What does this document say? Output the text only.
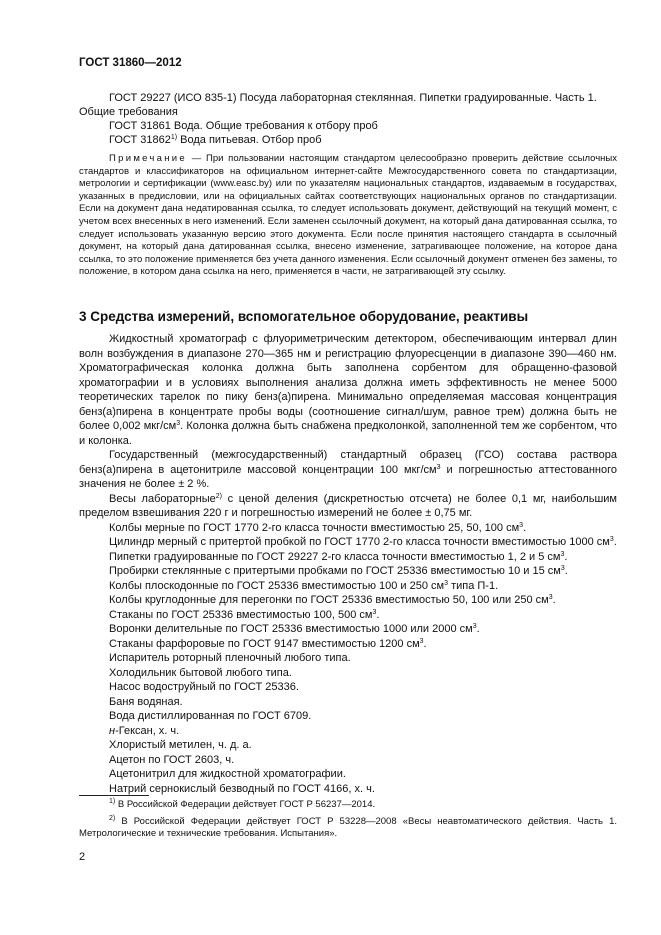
ГОСТ 31860—2012

ГОСТ 29227 (ИСО 835-1) Посуда лабораторная стеклянная. Пипетки градуированные. Часть 1. Общие требования

ГОСТ 31861 Вода. Общие требования к отбору проб

ГОСТ 31862$^{1)}$ Вода питьевая. Отбор проб

Примечание — При пользовании настоящим стандартом целесообразно проверить действие ссылочных стандартов и классификаторов на официальном интернет-сайте Межгосударственного совета по стандартизации, метрологии и сертификации (www.easc.by) или по указателям национальных стандартов, издаваемым в государствах, указанных в предисловии, или на официальных сайтах соответствующих национальных органов по стандартизации. Если на документ дана недатированная ссылка, то следует использовать документ, действующий на текущий момент, с учетом всех внесенных в него изменений. Если заменен ссылочный документ, на который дана датированная ссылка, то следует использовать указанную версию этого документа. Если после принятия настоящего стандарта в ссылочный документ, на который дана датированная ссылка, внесено изменение, затрагивающее положение, на которое дана ссылка, то это положение применяется без учета данного изменения. Если ссылочный документ отменен без замены, то положение, в котором дана ссылка на него, применяется в части, не затрагивающей эту ссылку.
3 Средства измерений, вспомогательное оборудование, реактивы

Жидкостный хроматограф с флуориметрическим детектором, обеспечивающим интервал длин волн возбуждения в диапазоне 270—365 нм и регистрацию флуоресценции в диапазоне 390—460 нм. Хроматографическая колонка должна быть заполнена сорбентом для обращенно-фазовой хроматографии и в условиях выполнения анализа должна иметь эффективность не менее 5000 теоретических тарелок по пику бенз(а)пирена. Минимально определяемая массовая концентрация бенз(а)пирена в концентрате пробы воды (соотношение сигнал/шум, равное трем) должна быть не более 0,002 мкг/$см^3$. Колонка должна быть снабжена предколонкой, заполненной тем же сорбентом, что и колонка.

Государственный (межгосударственный) стандартный образец (ГСО) состава раствора бенз(а)пирена в ацетонитриле массовой концентрации 100 мкг/$см^3$ и погрешностью аттестованного значения не более ± 2 %.

Весы лабораторные$^{2)}$ с ценой деления (дискретностью отсчета) не более 0,1 мг, наибольшим пределом взвешивания 220 г и погрешностью измерений не более ± 0,75 мг.

Колбы мерные по ГОСТ 1770 2-го класса точности вместимостью 25, 50, 100 $см^3$.

Цилиндр мерный с притертой пробкой по ГОСТ 1770 2-го класса точности вместимостью 1000 $см^3$.

Пипетки градуированные по ГОСТ 29227 2-го класса точности вместимостью 1, 2 и 5 $см^3$.

Пробирки стеклянные с притертыми пробками по ГОСТ 25336 вместимостью 10 и 15 $см^3$.

Колбы плоскодонные по ГОСТ 25336 вместимостью 100 и 250 $см^3$ типа П-1.

Колбы круглодонные для перегонки по ГОСТ 25336 вместимостью 50, 100 или 250 $см^3$.

Стаканы по ГОСТ 25336 вместимостью 100, 500 $см^3$.

Воронки делительные по ГОСТ 25336 вместимостью 1000 или 2000 $см^3$.

Стаканы фарфоровые по ГОСТ 9147 вместимостью 1200 $см^3$.

Испаритель роторный пленочный любого типа.

Холодильник бытовой любого типа.

Насос водоструйный по ГОСТ 25336.

Баня водяная.

Вода дистиллированная по ГОСТ 6709.

н-Гексан, х. ч.

Хлористый метилен, ч. д. а.

Ацетон по ГОСТ 2603, ч.

Ацетонитрил для жидкостной хроматографии.

Натрий сернокислый безводный по ГОСТ 4166, х. ч.

$^{1)}$ В Российской Федерации действует ГОСТ Р 56237—2014.

$^{2)}$ В Российской Федерации действует ГОСТ Р 53228—2008 «Весы неавтоматического действия. Часть 1. Метрологические и технические требования. Испытания».

2
